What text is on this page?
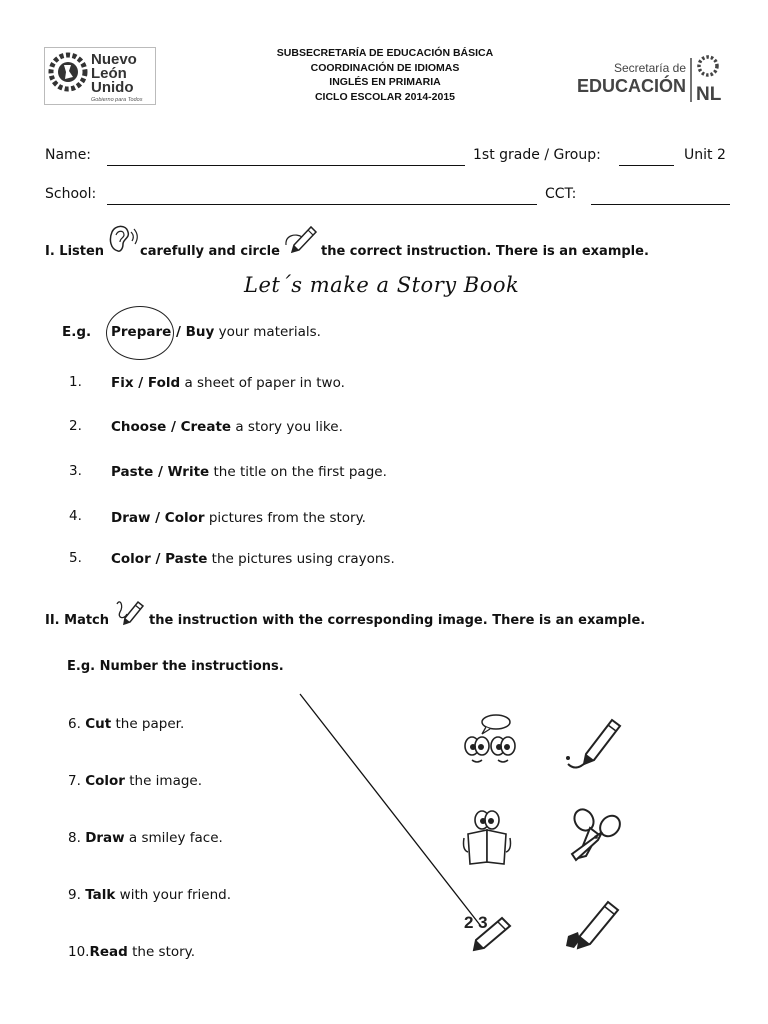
Nuevo
León
Unido
Gobierno para Todos
SUBSECRETARÍA DE EDUCACIÓN BÁSICA
COORDINACIÓN DE IDIOMAS
INGLÉS EN PRIMARIA
CICLO ESCOLAR 2014-2015
Secretaría de
EDUCACIÓN NL
Name:	1st grade / Group:	Unit 2
School:	CCT:
I. Listen	carefully and circle	the correct instruction. There is an example.
Let´s make a Story Book
E.g. Prepare / Buy your materials.
1. Fix / Fold a sheet of paper in two.
2. Choose / Create a story you like.
3. Paste / Write the title on the first page.
4. Draw / Color pictures from the story.
5. Color / Paste the pictures using crayons.
II. Match	the instruction with the corresponding image. There is an example.
E.g. Number the instructions.
6. Cut the paper.
7. Color the image.
8. Draw a smiley face.
9. Talk with your friend.
10.Read the story.
2 3
